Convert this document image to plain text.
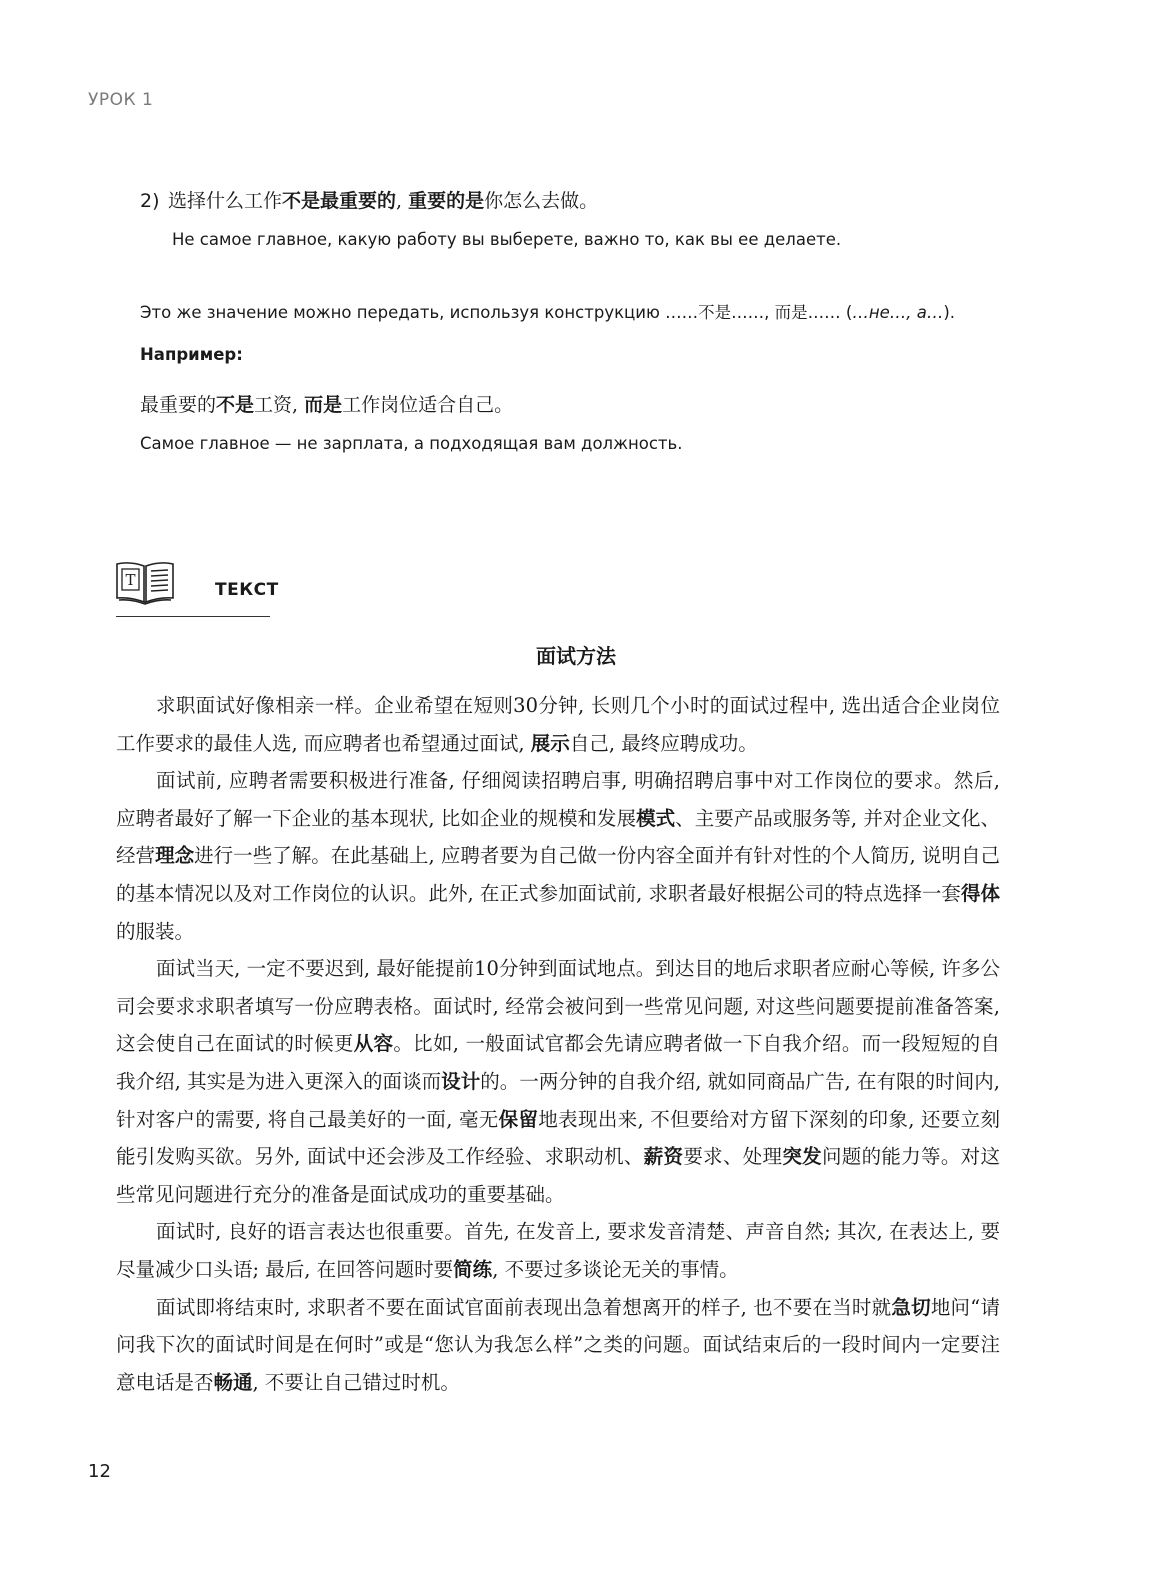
УРОК 1
2) 选择什么工作不是最重要的, 重要的是你怎么去做。
Не самое главное, какую работу вы выберете, важно то, как вы ее делаете.
Это же значение можно передать, используя конструкцию ……不是……, 而是…… (…не…, а…).
Например:
最重要的不是工资, 而是工作岗位适合自己。
Самое главное — не зарплата, а подходящая вам должность.
T	ТЕКСТ
面试方法

求职面试好像相亲一样。企业希望在短则30分钟, 长则几个小时的面试过程中, 选出适合企业岗位工作要求的最佳人选, 而应聘者也希望通过面试, 展示自己, 最终应聘成功。

面试前, 应聘者需要积极进行准备, 仔细阅读招聘启事, 明确招聘启事中对工作岗位的要求。然后, 应聘者最好了解一下企业的基本现状, 比如企业的规模和发展模式、主要产品或服务等, 并对企业文化、经营理念进行一些了解。在此基础上, 应聘者要为自己做一份内容全面并有针对性的个人简历, 说明自己的基本情况以及对工作岗位的认识。此外, 在正式参加面试前, 求职者最好根据公司的特点选择一套得体的服装。

面试当天, 一定不要迟到, 最好能提前10分钟到面试地点。到达目的地后求职者应耐心等候, 许多公司会要求求职者填写一份应聘表格。面试时, 经常会被问到一些常见问题, 对这些问题要提前准备答案, 这会使自己在面试的时候更从容。比如, 一般面试官都会先请应聘者做一下自我介绍。而一段短短的自我介绍, 其实是为进入更深入的面谈而设计的。一两分钟的自我介绍, 就如同商品广告, 在有限的时间内, 针对客户的需要, 将自己最美好的一面, 毫无保留地表现出来, 不但要给对方留下深刻的印象, 还要立刻能引发购买欲。另外, 面试中还会涉及工作经验、求职动机、薪资要求、处理突发问题的能力等。对这些常见问题进行充分的准备是面试成功的重要基础。

面试时, 良好的语言表达也很重要。首先, 在发音上, 要求发音清楚、声音自然; 其次, 在表达上, 要尽量减少口头语; 最后, 在回答问题时要简练, 不要过多谈论无关的事情。

面试即将结束时, 求职者不要在面试官面前表现出急着想离开的样子, 也不要在当时就急切地问“请问我下次的面试时间是在何时”或是“您认为我怎么样”之类的问题。面试结束后的一段时间内一定要注意电话是否畅通, 不要让自己错过时机。

12
